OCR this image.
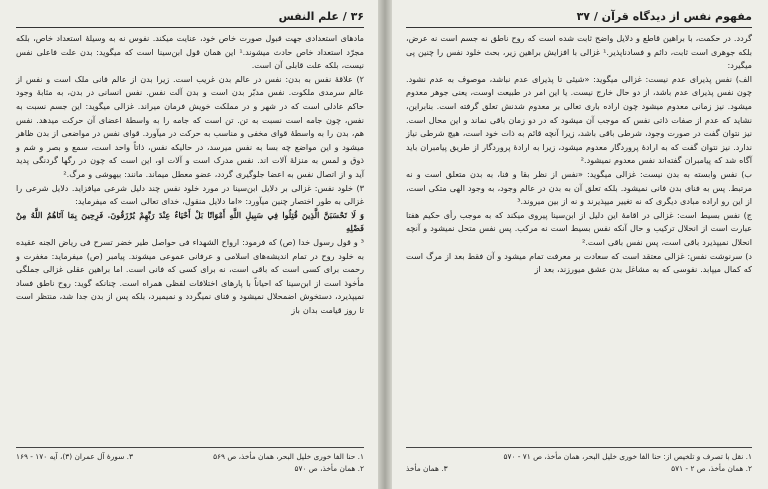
٣۶ / علم النفس

مادهای استعدادی جهت قبول صورت خاص خود، عنایت میکند. نفوس نه به وسیلهٔ استعداد خاص، بلکه مجرّد استعداد خاص حادث میشوند.¹ این همان قول ابن‌سینا است که میگوید: بدن علت فاعلی نفس نیست، بلکه علت قابلی آن است.

٢) علاقهٔ نفس به بدن: نفس در عالم بدن غریب است. زیرا بدن از عالم فانی ملک است و نفس از عالم سرمدی ملکوت. نفس مدبّر بدن است و بدن آلت نفس. نفس انسانی در بدن، به مثابهٔ وجود حاکم عادلی است که در شهر و در مملکت خویش فرمان میراند. غزالی میگوید: این جسم نسبت به نفس، چون جامه است نسبت به تن. تن است که جامه را به واسطهٔ اعضای آن حرکت میدهد. نفس هم، بدن را به واسطهٔ قوای مخفی و مناسب به حرکت در میآورد. قوای نفس در مواضعی از بدن ظاهر میشود و این مواضع چه بسا به نفس میرسد، در حالیکه نفس، ذاتاً واحد است، سمع و بصر و شم و ذوق و لمس به منزلهٔ آلات اند. نفس مدرک است و آلات او، این است که چون در رگها گردنگی پدید آید و از اتصال نفس به اعضا جلوگیری گردد، عضو معطل میماند. مانند: بیهوشی و مرگ.²

٣) خلود نفس: غزالی بر دلایل ابن‌سینا در مورد خلود نفس چند دلیل شرعی میافزاید. دلایل شرعی را غزالی به طور اختصار چنین میآورد: «اما دلایل منقول، خدای تعالی است که میفرماید:

وَ لَا تَحْسَبَنَّ الَّذِينَ قُتِلُوا فِي سَبِيلِ اللَّهِ أَمْوَاتًا بَلْ أَحْيَاءٌ عِنْدَ رَبِّهِمْ يُرْزَقُونَ. فَرِحِينَ بِمَا آتَاهُمُ اللَّهُ مِنْ فَضْلِهِ

³ و قول رسول خدا (ص) که فرمود: ارواح الشهداء فی حواصل طیر خضر تسرح فی ریاض الجنه عقیده به خلود روح در تمام اندیشه‌های اسلامی و عرفانی عموعی میشوند. پیامبر (ص) میفرماید: مغفرت و رحمت برای کسی است که باقی است، نه برای کسی که فانی است. اما براهین عقلی غزالی جملگی مأخوذ است از ابن‌سینا که احیاناً با پارهای اختلافات لفظی همراه است. چنانکه گوید: روح ناطق فساد نمیپذیرد، دستخوش اضمحلال نمیشود و فنای نمیگردد و نمیمیرد، بلکه پس از بدن جدا شد، منتظر است تا روز قیامت بدان باز

١. حنا الفا خوری خلیل البحر، همان مأخذ، ص ۵۶۹
٣. سورهٔ آل عمران (٣)، آیه ١٧٠ - ١۶٩
٢. همان مأخذ، ص ۵۷۰
مفهوم نفس از دیدگاه قرآن / ٣٧

گردد. در حکمت، با براهین قاطع و دلایل واضح ثابت شده است که روح ناطق نه جسم است نه عرض، بلکه جوهری است ثابت، دائم و فسادناپذیر.¹ غزالی با افزایش براهین زیر، بحث خلود نفس را چنین پی میگیرد:

الف) نفس پذیرای عدم نیست: غزالی میگوید: «شیئی تا پذیرای عدم نباشد، موصوف به عدم نشود. چون نفس پذیرای عدم باشد، از دو حال خارج نیست. یا این امر در طبیعت اوست، یعنی جوهر معدوم میشود. نیز زمانی معدوم میشود چون اراده باری تعالی بر معدوم شدنش تعلق گرفته است. بنابراین، نشاید که عدم از صفات ذاتی نفس که موجب آن میشود که در دو زمان باقی نماند و این محال است. نیز نتوان گفت در صورت وجود، شرطی باقی باشد، زیرا آنچه قائم به ذات خود است، هیچ شرطی نیاز ندارد. نیز نتوان گفت که به ارادهٔ پروردگار معدوم میشود، زیرا به ارادهٔ پروردگار از طریق پیامبران باید آگاه شد که پیامبران گفته‌اند نفس معدوم نمیشود.²

ب) نفس وابسته به بدن نیست: غزالی میگوید: «نفس از نظر بقا و فنا، به بدن متعلق است و نه مرتبط. پس به فنای بدن فانی نمیشود. بلکه تعلق آن به بدن در عالم وجود، به وجود الهی متکی است، از این رو اراده مبادی دیگری که نه تغییر میپذیرند و نه از بین میروند.³

ج) نفس بسیط است: غزالی در اقامهٔ این دلیل از ابن‌سینا پیروی میکند که به موجب رأی حکیم هفتا عبارت است از انحلال ترکیب و حال آنکه نفس بسیط است نه مرکب. پس نفس متحل نمیشود و آنچه انحلال نمیپذیرد باقی است، پس نفس باقی است.²

د) سرنوشت نفس: غزالی معتقد است که سعادت بر معرفت تمام میشود و آن فقط بعد از مرگ است که کمال میپابد. نفوسی که به مشاغل بدن عشق میورزند، بعد از

١. نقل با تصرف و تلخیص از: حنا الفا خوری خلیل البحر، همان مأخذ، ص ٧١ - ۵٧٠
٢. همان مأخذ، ص ٢ - ۵٧١
٣. همان مأخذ
